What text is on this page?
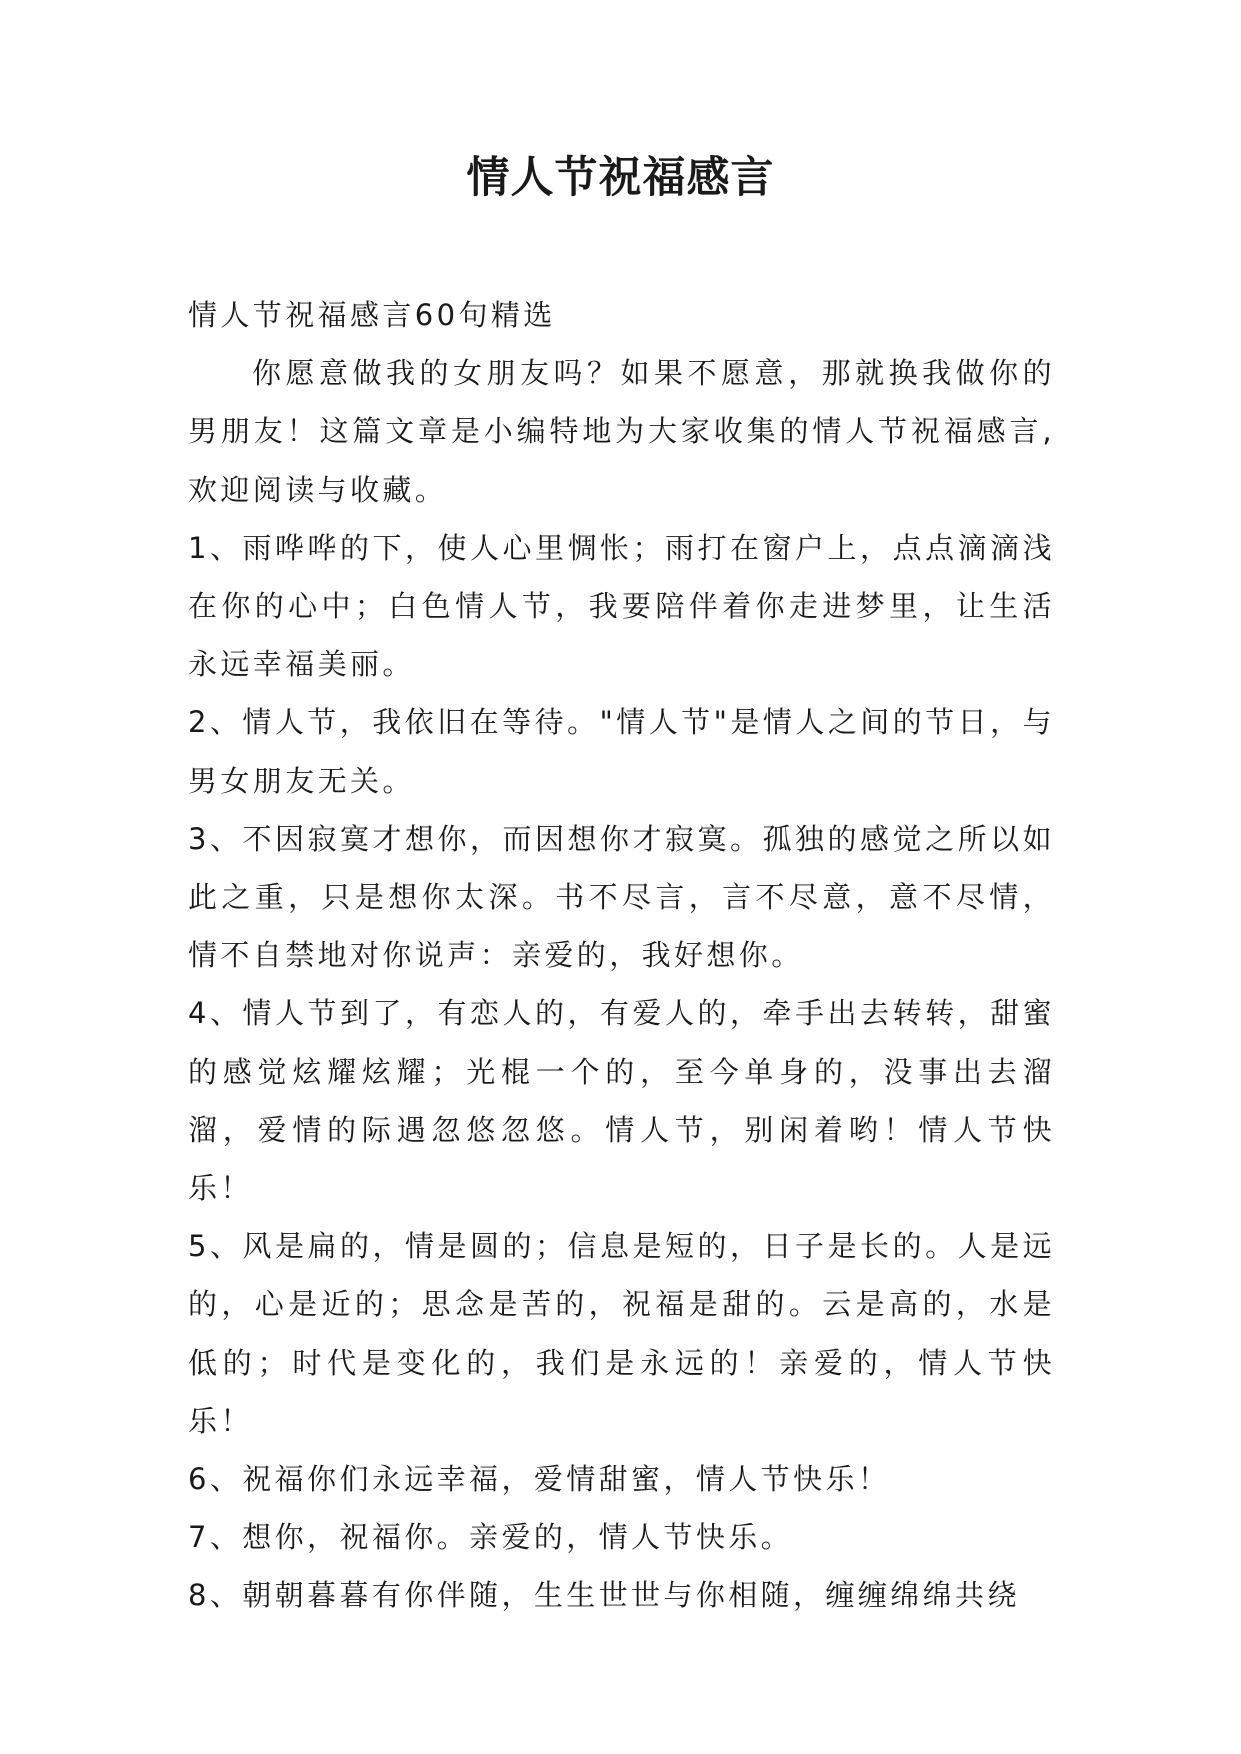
情人节祝福感言

情人节祝福感言60句精选

你愿意做我的女朋友吗？如果不愿意，那就换我做你的男朋友！这篇文章是小编特地为大家收集的情人节祝福感言,欢迎阅读与收藏。

1、雨哗哗的下，使人心里惆怅；雨打在窗户上，点点滴滴浅在你的心中；白色情人节，我要陪伴着你走进梦里，让生活永远幸福美丽。

2、情人节，我依旧在等待。"情人节"是情人之间的节日，与男女朋友无关。

3、不因寂寞才想你，而因想你才寂寞。孤独的感觉之所以如此之重，只是想你太深。书不尽言，言不尽意，意不尽情，情不自禁地对你说声：亲爱的，我好想你。

4、情人节到了，有恋人的，有爱人的，牵手出去转转，甜蜜的感觉炫耀炫耀；光棍一个的，至今单身的，没事出去溜溜，爱情的际遇忽悠忽悠。情人节，别闲着哟！情人节快乐！

5、风是扁的，情是圆的；信息是短的，日子是长的。人是远的，心是近的；思念是苦的，祝福是甜的。云是高的，水是低的；时代是变化的，我们是永远的！亲爱的，情人节快乐！

6、祝福你们永远幸福，爱情甜蜜，情人节快乐！

7、想你，祝福你。亲爱的，情人节快乐。

8、朝朝暮暮有你伴随，生生世世与你相随，缠缠绵绵共绕
